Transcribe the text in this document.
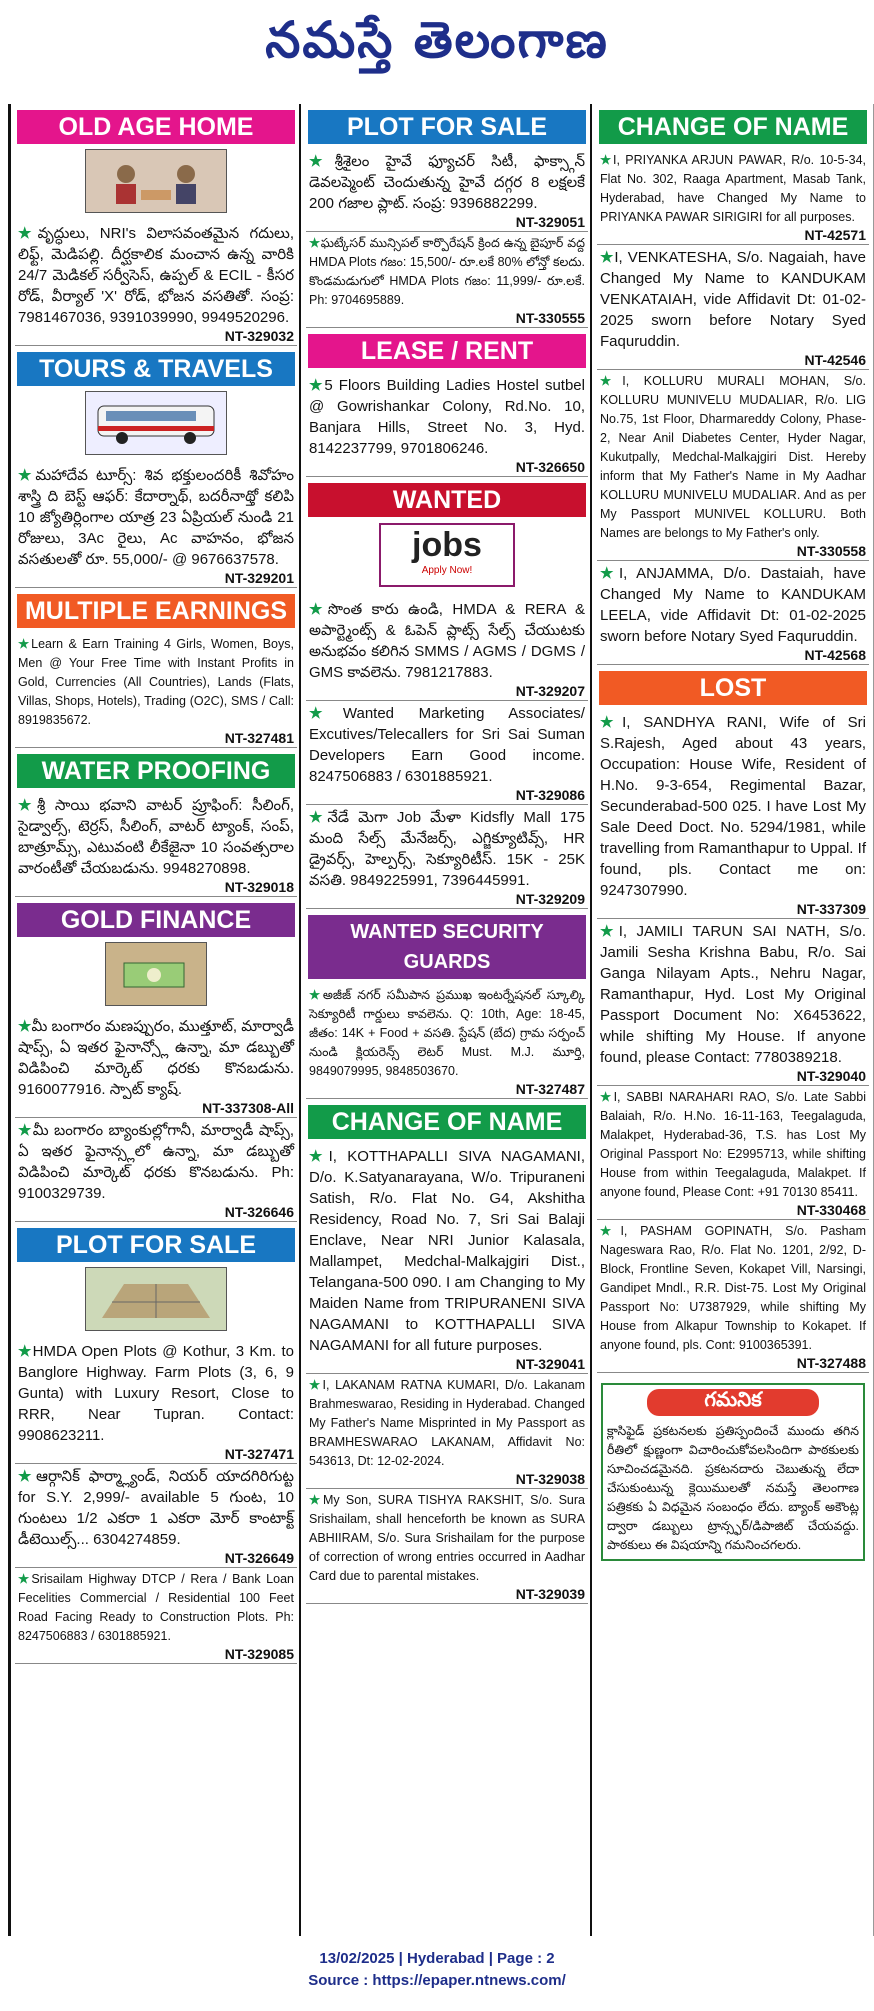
నమస్తే తెలంగాణ
OLD AGE HOME
★వృద్ధులు, NRI's విలాసవంతమైన గదులు, లిఫ్ట్, మెడిపల్లి. దీర్ఘకాలిక మంచాన ఉన్న వారికి 24/7 మెడికల్ సర్వీసెస్, ఉప్పల్ & ECIL - కీసర రోడ్, వీర్యాల్ 'X' రోడ్, భోజన వసతితో. సంప్ర: 7981467036, 9391039990, 9949520296.
NT-329032
TOURS & TRAVELS
★మహాదేవ టూర్స్: శివ భక్తులందరికీ శివోహం శాస్త్రి ది బెస్ట్ ఆఫర్: కేదార్నాథ్, బదరీనాథ్తో కలిపి 10 జ్యోతిర్లింగాల యాత్ర 23 ఏప్రియల్ నుండి 21 రోజులు, 3Ac రైలు, Ac వాహనం, భోజన వసతులతో రూ. 55,000/- @ 9676637578.
NT-329201
MULTIPLE EARNINGS
★Learn & Earn Training 4 Girls, Women, Boys, Men @ Your Free Time with Instant Profits in Gold, Currencies (All Countries), Lands (Flats, Villas, Shops, Hotels), Trading (O2C), SMS / Call: 8919835672.
NT-327481
WATER PROOFING
★శ్రీ సాయి భవాని వాటర్ ప్రూఫింగ్: సీలింగ్, సైడ్వాల్స్, టెర్రస్, సీలింగ్, వాటర్ ట్యాంక్, సంప్, బాత్రూమ్స్, ఎటువంటి లీకేజైనా 10 సంవత్సరాల వారంటీతో చేయబడును. 9948270898.
NT-329018
GOLD FINANCE
★మీ బంగారం మణప్పురం, ముత్తూట్, మార్వాడీ షాప్స్, ఏ ఇతర ఫైనాన్స్లో ఉన్నా, మా డబ్బుతో విడిపించి మార్కెట్ ధరకు కొనబడును. 9160077916. స్పాట్ క్యాష్.
NT-337308-All
★మీ బంగారం బ్యాంకుల్లోగానీ, మార్వాడీ షాప్స్, ఏ ఇతర ఫైనాన్స్లలో ఉన్నా, మా డబ్బుతో విడిపించి మార్కెట్ ధరకు కొనబడును. Ph: 9100329739.
NT-326646
PLOT FOR SALE
★HMDA Open Plots @ Kothur, 3 Km. to Banglore Highway. Farm Plots (3, 6, 9 Gunta) with Luxury Resort, Close to RRR, Near Tupran. Contact: 9908623211.
NT-327471
★ఆర్గానిక్ ఫార్మ్ల్యాండ్, నియర్ యాదగిరిగుట్ట for S.Y. 2,999/- available 5 గుంట, 10 గుంటలు 1/2 ఎకరా 1 ఎకరా మోర్ కాంటాక్ట్ డీటెయిల్స్... 6304274859.
NT-326649
★Srisailam Highway DTCP / Rera / Bank Loan Fecelities Commercial / Residential 100 Feet Road Facing Ready to Construction Plots. Ph: 8247506883 / 6301885921.
NT-329085
PLOT FOR SALE
★శ్రీశైలం హైవే ఫ్యూచర్ సిటీ, ఫాక్స్గాన్ డెవలప్మెంట్ చెందుతున్న హైవే దగ్గర 8 లక్షలకే 200 గజాల ప్లాట్. సంప్ర: 9396882299.
NT-329051
★ఘట్కేసర్ మున్సిపల్ కార్పొరేషన్ క్రింద ఉన్న బైపూర్ వద్ద HMDA Plots గజం: 15,500/- రూ.లకే 80% లోన్తో కలదు. కొండమడుగులో HMDA Plots గజం: 11,999/- రూ.లకే. Ph: 9704695889.
NT-330555
LEASE / RENT
★5 Floors Building Ladies Hostel sutbel @ Gowrishankar Colony, Rd.No. 10, Banjara Hills, Street No. 3, Hyd. 8142237799, 9701806246.
NT-326650
WANTED
jobs
Apply Now!
★సొంత కారు ఉండి, HMDA & RERA & అపార్ట్మెంట్స్ & ఓపెన్ ప్లాట్స్ సేల్స్ చేయుటకు అనుభవం కలిగిన SMMS / AGMS / DGMS / GMS కావలెను. 7981217883.
NT-329207
★Wanted Marketing Associates/ Excutives/Telecallers for Sri Sai Suman Developers Earn Good income. 8247506883 / 6301885921.
NT-329086
★నేడే మెగా Job మేళా Kidsfly Mall 175 మంది సేల్స్ మేనేజర్స్, ఎగ్జిక్యూటివ్స్, HR డ్రైవర్స్, హెల్పర్స్, సెక్యూరిటీస్. 15K - 25K వసతి. 9849225991, 7396445991.
NT-329209
WANTED SECURITY GUARDS
★అజీజ్ నగర్ సమీపాన ప్రముఖ ఇంటర్నేషనల్ స్కూల్కి సెక్యూరిటీ గార్డులు కావలెను. Q: 10th, Age: 18-45, జీతం: 14K + Food + వసతి. స్టేషన్ (బేద) గ్రామ సర్పంచ్ నుండి క్లియరెన్స్ లెటర్ Must. M.J. మూర్తి, 9849079995, 9848503670.
NT-327487
CHANGE OF NAME
★I, KOTTHAPALLI SIVA NAGAMANI, D/o. K.Satyanarayana, W/o. Tripuraneni Satish, R/o. Flat No. G4, Akshitha Residency, Road No. 7, Sri Sai Balaji Enclave, Near NRI Junior Kalasala, Mallampet, Medchal-Malkajgiri Dist., Telangana-500 090. I am Changing to My Maiden Name from TRIPURANENI SIVA NAGAMANI to KOTTHAPALLI SIVA NAGAMANI for all future purposes.
NT-329041
★I, LAKANAM RATNA KUMARI, D/o. Lakanam Brahmeswarao, Residing in Hyderabad. Changed My Father's Name Misprinted in My Passport as BRAMHESWARAO LAKANAM, Affidavit No: 543613, Dt: 12-02-2024.
NT-329038
★My Son, SURA TISHYA RAKSHIT, S/o. Sura Srishailam, shall henceforth be known as SURA ABHIIRAM, S/o. Sura Srishailam for the purpose of correction of wrong entries occurred in Aadhar Card due to parental mistakes.
NT-329039
CHANGE OF NAME
★I, PRIYANKA ARJUN PAWAR, R/o. 10-5-34, Flat No. 302, Raaga Apartment, Masab Tank, Hyderabad, have Changed My Name to PRIYANKA PAWAR SIRIGIRI for all purposes.
NT-42571
★I, VENKATESHA, S/o. Nagaiah, have Changed My Name to KANDUKAM VENKATAIAH, vide Affidavit Dt: 01-02-2025 sworn before Notary Syed Faquruddin.
NT-42546
★I, KOLLURU MURALI MOHAN, S/o. KOLLURU MUNIVELU MUDALIAR, R/o. LIG No.75, 1st Floor, Dharmareddy Colony, Phase-2, Near Anil Diabetes Center, Hyder Nagar, Kukutpally, Medchal-Malkajgiri Dist. Hereby inform that My Father's Name in My Aadhar KOLLURU MUNIVELU MUDALIAR. And as per My Passport MUNIVEL KOLLURU. Both Names are belongs to My Father's only.
NT-330558
★I, ANJAMMA, D/o. Dastaiah, have Changed My Name to KANDUKAM LEELA, vide Affidavit Dt: 01-02-2025 sworn before Notary Syed Faquruddin.
NT-42568
LOST
★I, SANDHYA RANI, Wife of Sri S.Rajesh, Aged about 43 years, Occupation: House Wife, Resident of H.No. 9-3-654, Regimental Bazar, Secunderabad-500 025. I have Lost My Sale Deed Doct. No. 5294/1981, while travelling from Ramanthapur to Uppal. If found, pls. Contact me on: 9247307990.
NT-337309
★I, JAMILI TARUN SAI NATH, S/o. Jamili Sesha Krishna Babu, R/o. Sai Ganga Nilayam Apts., Nehru Nagar, Ramanthapur, Hyd. Lost My Original Passport Document No: X6453622, while shifting My House. If anyone found, please Contact: 7780389218.
NT-329040
★I, SABBI NARAHARI RAO, S/o. Late Sabbi Balaiah, R/o. H.No. 16-11-163, Teegalaguda, Malakpet, Hyderabad-36, T.S. has Lost My Original Passport No: E2995713, while shifting House from within Teegalaguda, Malakpet. If anyone found, Please Cont: +91 70130 85411.
NT-330468
★I, PASHAM GOPINATH, S/o. Pasham Nageswara Rao, R/o. Flat No. 1201, 2/92, D-Block, Frontline Seven, Kokapet Vill, Narsingi, Gandipet Mndl., R.R. Dist-75. Lost My Original Passport No: U7387929, while shifting My House from Alkapur Township to Kokapet. If anyone found, pls. Cont: 9100365391.
NT-327488
గమనిక
క్లాసిఫైడ్ ప్రకటనలకు ప్రతిస్పందించే ముందు తగిన రీతిలో క్షుణ్ణంగా విచారించుకోవలసిందిగా పాఠకులకు సూచించడమైనది. ప్రకటనదారు చెబుతున్న లేదా చేసుకుంటున్న క్లెయిములతో నమస్తే తెలంగాణ పత్రికకు ఏ విధమైన సంబంధం లేదు. బ్యాంక్ అకౌంట్ల ద్వారా డబ్బులు ట్రాన్స్ఫర్/డిపాజిట్ చేయవద్దు. పాఠకులు ఈ విషయాన్ని గమనించగలరు.
13/02/2025 | Hyderabad | Page : 2
Source : https://epaper.ntnews.com/
